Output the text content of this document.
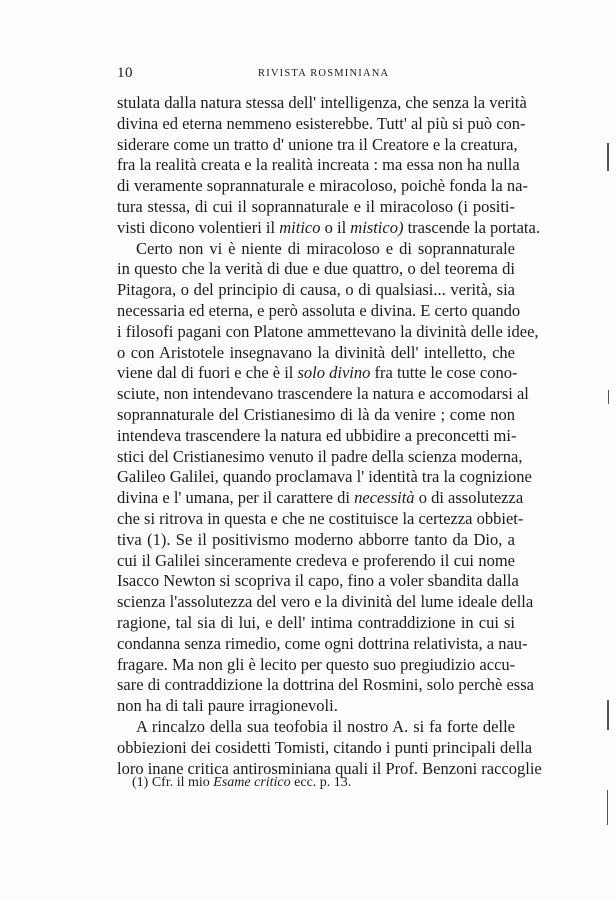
10	RIVISTA ROSMINIANA
stulata dalla natura stessa dell' intelligenza, che senza la verità
divina ed eterna nemmeno esisterebbe. Tutt' al più si può con-
siderare come un tratto d' unione tra il Creatore e la creatura,
fra la realità creata e la realità increata : ma essa non ha nulla
di veramente soprannaturale e miracoloso, poichè fonda la na-
tura stessa, di cui il soprannaturale e il miracoloso (i positi-
visti dicono volentieri il mitico o il mistico) trascende la portata.
Certo non vi è niente di miracoloso e di soprannaturale
in questo che la verità di due e due quattro, o del teorema di
Pitagora, o del principio di causa, o di qualsiasi... verità, sia
necessaria ed eterna, e però assoluta e divina. E certo quando
i filosofi pagani con Platone ammettevano la divinità delle idee,
o con Aristotele insegnavano la divinità dell' intelletto, che
viene dal di fuori e che è il solo divino fra tutte le cose cono-
sciute, non intendevano trascendere la natura e accomodarsi al
soprannaturale del Cristianesimo di là da venire ; come non
intendeva trascendere la natura ed ubbidire a preconcetti mi-
stici del Cristianesimo venuto il padre della scienza moderna,
Galileo Galilei, quando proclamava l' identità tra la cognizione
divina e l' umana, per il carattere di necessità o di assolutezza
che si ritrova in questa e che ne costituisce la certezza obbiet-
tiva (1). Se il positivismo moderno abborre tanto da Dio, a
cui il Galilei sinceramente credeva e proferendo il cui nome
Isacco Newton si scopriva il capo, fino a voler sbandita dalla
scienza l'assolutezza del vero e la divinità del lume ideale della
ragione, tal sia di lui, e dell' intima contraddizione in cui si
condanna senza rimedio, come ogni dottrina relativista, a nau-
fragare. Ma non gli è lecito per questo suo pregiudizio accu-
sare di contraddizione la dottrina del Rosmini, solo perchè essa
non ha di tali paure irragionevoli.
A rincalzo della sua teofobia il nostro A. si fa forte delle
obbiezioni dei cosidetti Tomisti, citando i punti principali della
loro inane critica antirosminiana quali il Prof. Benzoni raccoglie
(1) Cfr. il mio Esame critico ecc. p. 13.
